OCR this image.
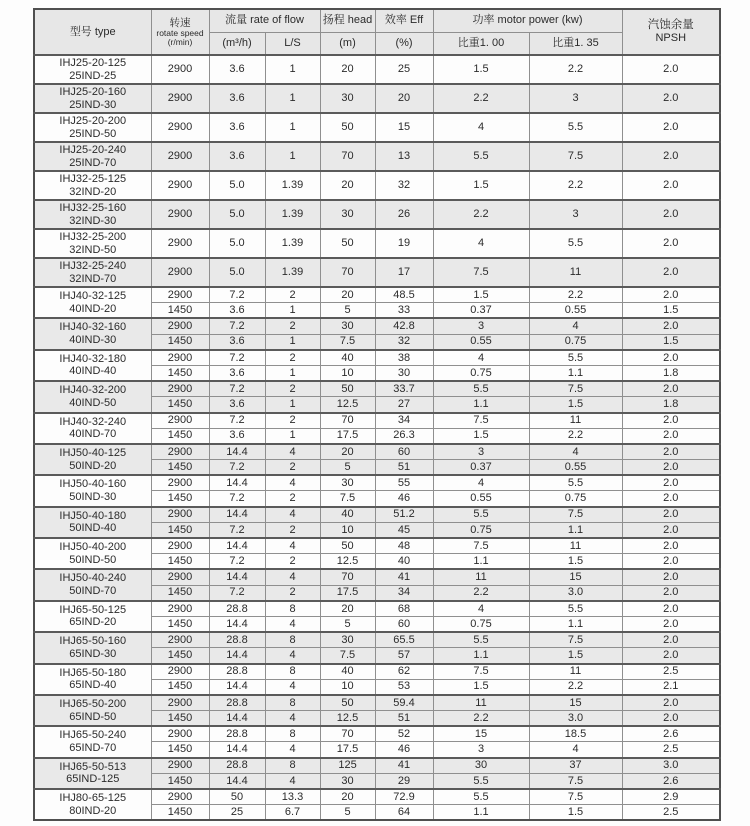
型号 type	
转速
rotate speed
(r/min)
	流量 rate of flow	扬程 head	效率 Eff	功率 motor power (kw)	汽蚀余量
NPSH

		(m³/h)	L/S	(m)	(%)	比重1. 00	比重1. 35	

IHJ25-20-125
25IND-25	2900	3.6	1	20	25	1.5	2.2	2.0

IHJ25-20-160
25IND-30	2900	3.6	1	30	20	2.2	3	2.0

IHJ25-20-200
25IND-50	2900	3.6	1	50	15	4	5.5	2.0

IHJ25-20-240
25IND-70	2900	3.6	1	70	13	5.5	7.5	2.0

IHJ32-25-125
32IND-20	2900	5.0	1.39	20	32	1.5	2.2	2.0

IHJ32-25-160
32IND-30	2900	5.0	1.39	30	26	2.2	3	2.0

IHJ32-25-200
32IND-50	2900	5.0	1.39	50	19	4	5.5	2.0

IHJ32-25-240
32IND-70	2900	5.0	1.39	70	17	7.5	11	2.0

IHJ40-32-125
40IND-20	2900	7.2	2	20	48.5	1.5	2.2	2.0
	1450	3.6	1	5	33	0.37	0.55	1.5

IHJ40-32-160
40IND-30	2900	7.2	2	30	42.8	3	4	2.0
	1450	3.6	1	7.5	32	0.55	0.75	1.5

IHJ40-32-180
40IND-40	2900	7.2	2	40	38	4	5.5	2.0
	1450	3.6	1	10	30	0.75	1.1	1.8

IHJ40-32-200
40IND-50	2900	7.2	2	50	33.7	5.5	7.5	2.0
	1450	3.6	1	12.5	27	1.1	1.5	1.8

IHJ40-32-240
40IND-70	2900	7.2	2	70	34	7.5	11	2.0
	1450	3.6	1	17.5	26.3	1.5	2.2	2.0

IHJ50-40-125
50IND-20	2900	14.4	4	20	60	3	4	2.0
	1450	7.2	2	5	51	0.37	0.55	2.0

IHJ50-40-160
50IND-30	2900	14.4	4	30	55	4	5.5	2.0
	1450	7.2	2	7.5	46	0.55	0.75	2.0

IHJ50-40-180
50IND-40	2900	14.4	4	40	51.2	5.5	7.5	2.0
	1450	7.2	2	10	45	0.75	1.1	2.0

IHJ50-40-200
50IND-50	2900	14.4	4	50	48	7.5	11	2.0
	1450	7.2	2	12.5	40	1.1	1.5	2.0

IHJ50-40-240
50IND-70	2900	14.4	4	70	41	11	15	2.0
	1450	7.2	2	17.5	34	2.2	3.0	2.0

IHJ65-50-125
65IND-20	2900	28.8	8	20	68	4	5.5	2.0
	1450	14.4	4	5	60	0.75	1.1	2.0

IHJ65-50-160
65IND-30	2900	28.8	8	30	65.5	5.5	7.5	2.0
	1450	14.4	4	7.5	57	1.1	1.5	2.0

IHJ65-50-180
65IND-40	2900	28.8	8	40	62	7.5	11	2.5
	1450	14.4	4	10	53	1.5	2.2	2.1

IHJ65-50-200
65IND-50	2900	28.8	8	50	59.4	11	15	2.0
	1450	14.4	4	12.5	51	2.2	3.0	2.0

IHJ65-50-240
65IND-70	2900	28.8	8	70	52	15	18.5	2.6
	1450	14.4	4	17.5	46	3	4	2.5

IHJ65-50-513
65IND-125	2900	28.8	8	125	41	30	37	3.0
	1450	14.4	4	30	29	5.5	7.5	2.6

IHJ80-65-125
80IND-20	2900	50	13.3	20	72.9	5.5	7.5	2.9
	1450	25	6.7	5	64	1.1	1.5	2.5
